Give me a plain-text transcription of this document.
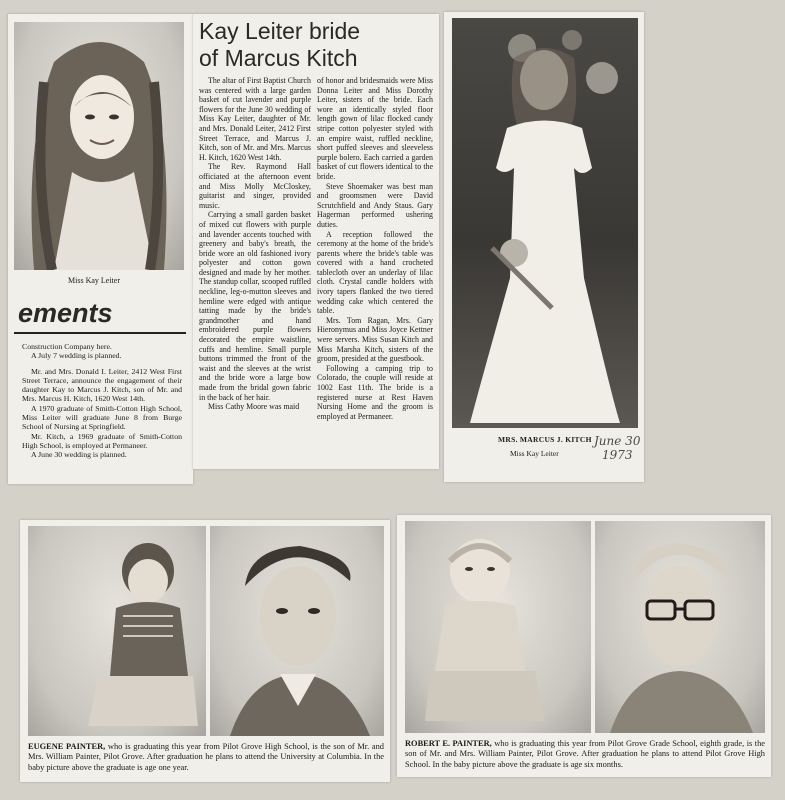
Miss Kay Leiter
ements

Construction Company here.

A July 7 wedding is planned.

Mr. and Mrs. Donald I. Leiter, 2412 West First Street Terrace, announce the engagement of their daughter Kay to Marcus J. Kitch, son of Mr. and Mrs. Marcus H. Kitch, 1620 West 14th.

A 1970 graduate of Smith-Cotton High School, Miss Leiter will graduate June 8 from Burge School of Nursing at Springfield.

Mr. Kitch, a 1969 graduate of Smith-Cotton High School, is employed at Permaneer.

A June 30 wedding is planned.

Kay Leiter bride
of Marcus Kitch

The altar of First Baptist Church was centered with a large garden basket of cut lavender and purple flowers for the June 30 wedding of Miss Kay Leiter, daughter of Mr. and Mrs. Donald Leiter, 2412 First Street Terrace, and Marcus J. Kitch, son of Mr. and Mrs. Marcus H. Kitch, 1620 West 14th.

The Rev. Raymond Hall officiated at the afternoon event and Miss Molly McCloskey, guitarist and singer, provided music.

Carrying a small garden basket of mixed cut flowers with purple and lavender accents touched with greenery and baby's breath, the bride wore an old fashioned ivory polyester and cotton gown designed and made by her mother. The standup collar, scooped ruffled neckline, leg-o-mutton sleeves and hemline were edged with antique tatting made by the bride's grandmother and hand embroidered purple flowers decorated the empire waistline, cuffs and hemline. Small purple buttons trimmed the front of the waist and the sleeves at the wrist and the bride wore a large bow made from the bridal gown fabric in the back of her hair.

Miss Cathy Moore was maid

of honor and bridesmaids were Miss Donna Leiter and Miss Dorothy Leiter, sisters of the bride. Each wore an identically styled floor length gown of lilac flocked candy stripe cotton polyester styled with an empire waist, ruffled neckline, short puffed sleeves and sleeveless purple bolero. Each carried a garden basket of cut flowers identical to the bride.

Steve Shoemaker was best man and groomsmen were David Scrutchfield and Andy Staus. Gary Hagerman performed ushering duties.

A reception followed the ceremony at the home of the bride's parents where the bride's table was covered with a hand crocheted tablecloth over an underlay of lilac cloth. Crystal candle holders with ivory tapers flanked the two tiered wedding cake which centered the table.

Mrs. Tom Ragan, Mrs. Gary Hieronymus and Miss Joyce Kettner were servers. Miss Susan Kitch and Miss Marsha Kitch, sisters of the groom, presided at the guestbook.

Following a camping trip to Colorado, the couple will reside at 1002 East 11th. The bride is a registered nurse at Rest Haven Nursing Home and the groom is employed at Permaneer.

MRS. MARCUS J. KITCH
Miss Kay Leiter
June 30
1973
EUGENE PAINTER, who is graduating this year from Pilot Grove High School, is the son of Mr. and Mrs. William Painter, Pilot Grove. After graduation he plans to attend the University at Columbia. In the baby picture above the graduate is age one year.
ROBERT E. PAINTER, who is graduating this year from Pilot Grove Grade School, eighth grade, is the son of Mr. and Mrs. William Painter, Pilot Grove. After graduation he plans to attend Pilot Grove High School. In the baby picture above the graduate is age six months.
